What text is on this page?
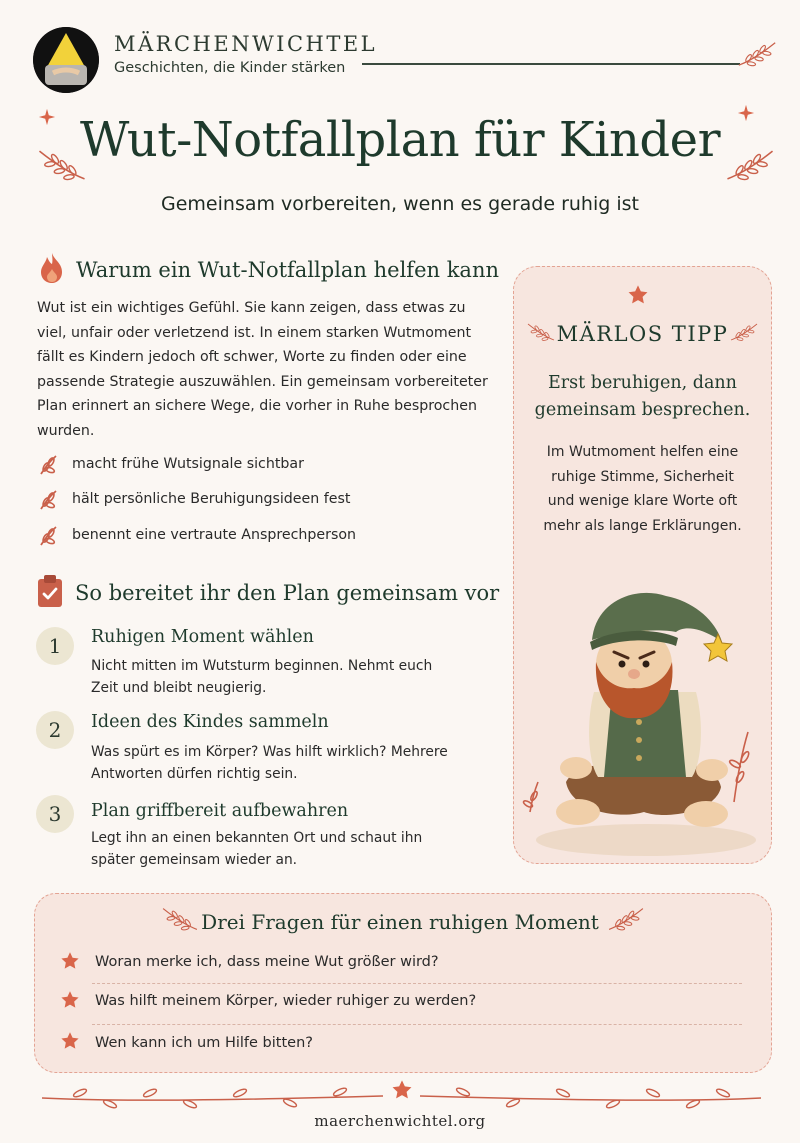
MÄRCHENWICHTEL
Geschichten, die Kinder stärken
Wut-Notfallplan für Kinder
Gemeinsam vorbereiten, wenn es gerade ruhig ist
Warum ein Wut-Notfallplan helfen kann
Wut ist ein wichtiges Gefühl. Sie kann zeigen, dass etwas zu viel, unfair oder verletzend ist. In einem starken Wutmoment fällt es Kindern jedoch oft schwer, Worte zu finden oder eine passende Strategie auszuwählen. Ein gemeinsam vorbereiteter Plan erinnert an sichere Wege, die vorher in Ruhe besprochen wurden.
macht frühe Wutsignale sichtbar
hält persönliche Beruhigungsideen fest
benennt eine vertraute Ansprechperson
So bereitet ihr den Plan gemeinsam vor
1	Ruhigen Moment wählen
Nicht mitten im Wutsturm beginnen. Nehmt euch Zeit und bleibt neugierig.
2	Ideen des Kindes sammeln
Was spürt es im Körper? Was hilft wirklich? Mehrere Antworten dürfen richtig sein.
3	Plan griffbereit aufbewahren
Legt ihn an einen bekannten Ort und schaut ihn später gemeinsam wieder an.
MÄRLOS TIPP
Erst beruhigen, dann gemeinsam besprechen.
Im Wutmoment helfen eine ruhige Stimme, Sicherheit und wenige klare Worte oft mehr als lange Erklärungen.
Drei Fragen für einen ruhigen Moment
Woran merke ich, dass meine Wut größer wird?
Was hilft meinem Körper, wieder ruhiger zu werden?
Wen kann ich um Hilfe bitten?
maerchenwichtel.org
